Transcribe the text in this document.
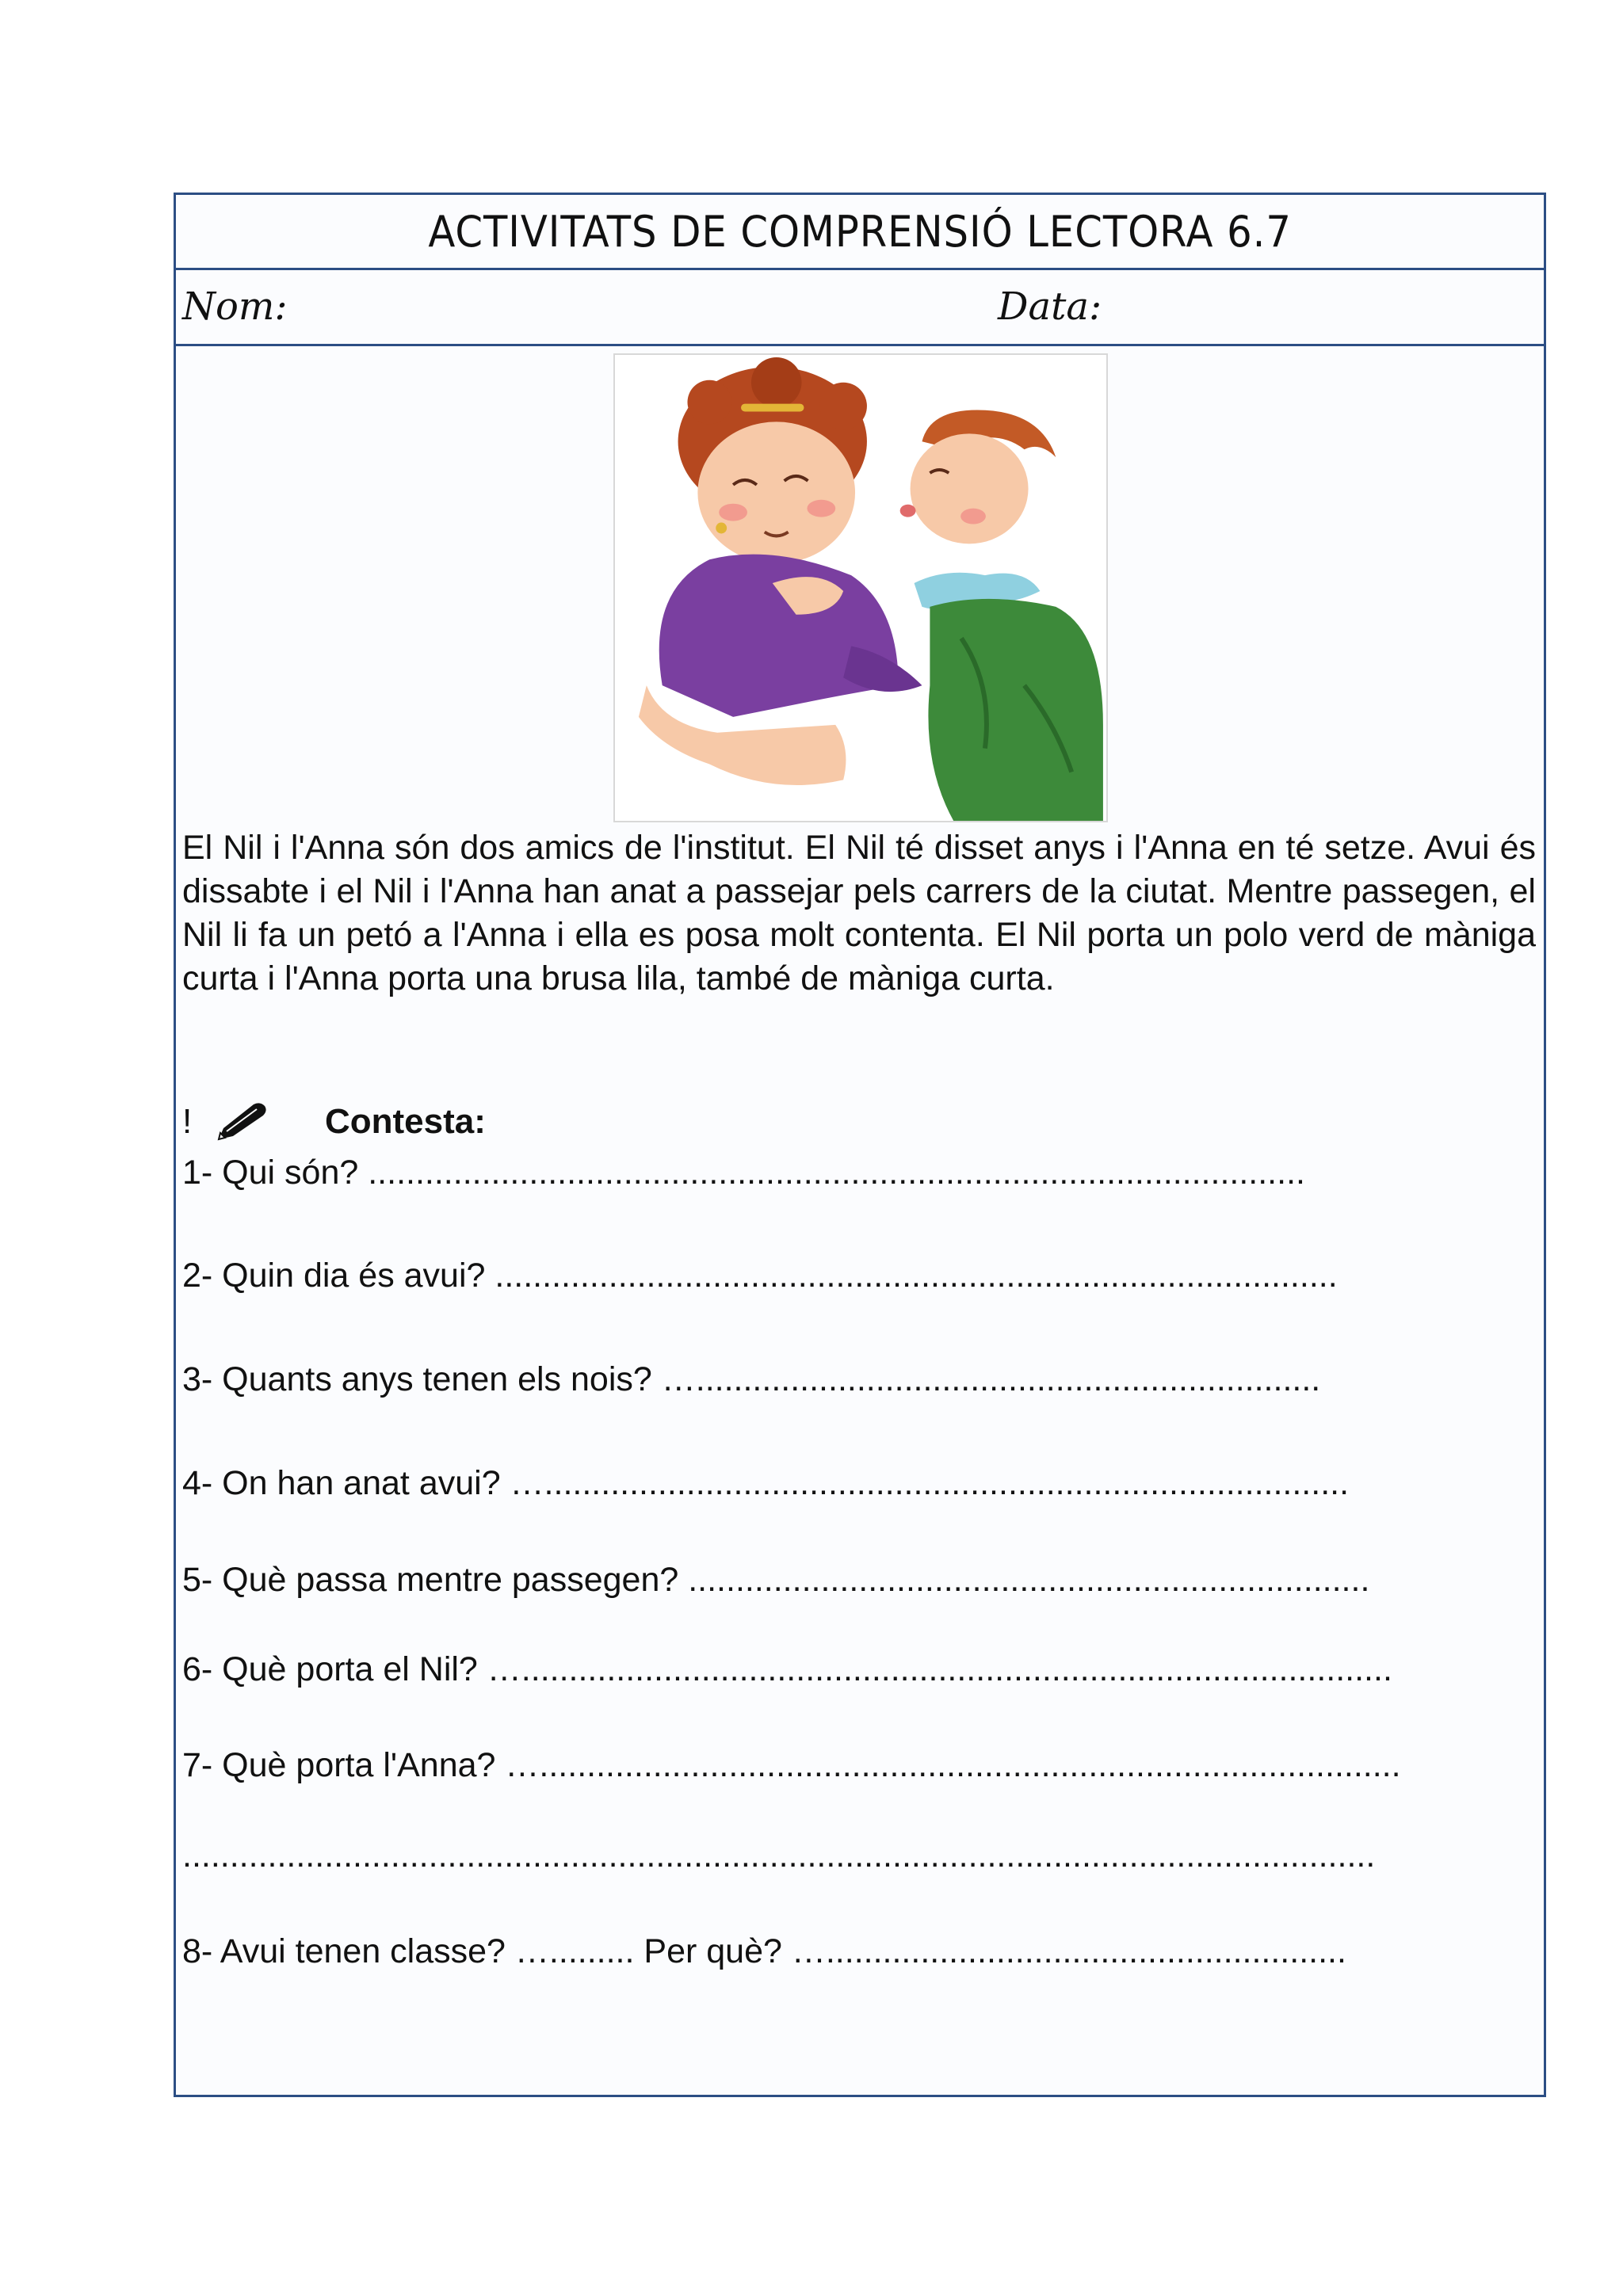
ACTIVITATS DE COMPRENSIÓ LECTORA 6.7
Nom:	Data:
El Nil i l'Anna són dos amics de l'institut. El Nil té disset anys i l'Anna en té setze. Avui és dissabte i el Nil i l'Anna han anat a passejar pels carrers de la ciutat. Mentre passegen, el Nil li fa un petó a l'Anna i ella es posa molt contenta. El Nil porta un polo verd de màniga curta i l'Anna porta una brusa lila, també de màniga curta.
!	Contesta:
1- Qui són? ...................................................................................................
2- Quin dia és avui? .........................................................................................
3- Quants anys tenen els nois? …..................................................................
4- On han anat avui? ….....................................................................................
5- Què passa mentre passegen? ........................................................................
6- Què porta el Nil? …............................................................................................
7- Què porta l'Anna? …...........................................................................................
..............................................................................................................................
8- Avui tenen classe? …......... Per què? ….......................................................
